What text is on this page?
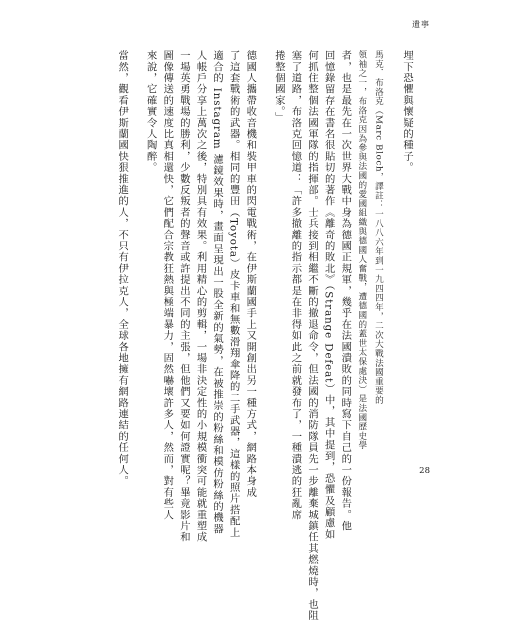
遺寧
埋下恐懼與懷疑的種子。
馬克．布洛克（Marc Bloch，譯註：一八八六年到一九四四年，二次大戰法國重要的
領袖之一，布洛克因為參與法國的愛國組織與德國人奮戰，遭德國的蓋世太保處決）是法國歷史學
者，也是最先在一次世界大戰中身為德國正規軍，幾乎在法國潰敗的同時寫下自己的一份報告。他
回憶錄留存在書名很貼切的著作《離奇的敗北》（Strange Defeat）中，其中提到，恐懼及顧慮如
何抓住整個法國軍隊的指揮部。士兵接到相繼不斷的撤退命令，但法國的消防隊員先一步離棄城鎮任其燃燒時，也阻
塞了道路，布洛克回憶道：「許多撤離的指示都是在非得如此之前就發布了，一種潰逃的狂亂席
捲整個國家。」
德國人攜帶收音機和裝甲車的閃電戰術，在伊斯蘭國手上又開創出另一種方式，網路本身成
了這套戰術的武器。相同的豐田（Toyota）皮卡車和無數滑翔傘降的二手武器，這樣的照片搭配上
適合的 Instagram 濾鏡效果時，畫面呈現出一股全新的氣勢，在被推崇的粉絲和模仿粉絲的機器
人帳戶分享上萬次之後，特別具有效果。利用精心的剪輯，一場非決定性的小規模衝突可能就重塑成
一場英勇戰場的勝利，少數反叛者的聲音或許提出不同的主張，但他們又要如何證實呢？畢竟影片和
圖像傳送的速度比真相還快，它們配合宗教狂熱與極端暴力，固然嚇壞許多人，然而，對有些人
來說，它確實令人陶醉。
當然，觀看伊斯蘭國快狠推進的人，不只有伊拉克人，全球各地擁有網路連結的任何人。	28
